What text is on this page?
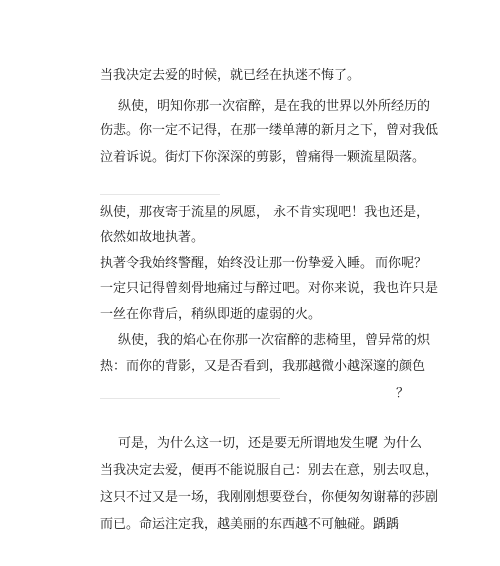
当我决定去爱的时候，就已经在执迷不悔了。
纵使，明知你那一次宿醉，是在我的世界以外所经历的
伤悲。你一定不记得，在那一缕单薄的新月之下，曾对我低
泣着诉说。街灯下你深深的剪影，曾痛得一颗流星陨落。
纵使，那夜寄于流星的夙愿， 永不肯实现吧！我也还是，
依然如故地执著。
执著令我始终警醒，始终没让那一份挚爱入睡。 而你呢？
一定只记得曾刻骨地痛过与醉过吧。对你来说，我也许只是
一丝在你背后，稍纵即逝的虚弱的火。
纵使，我的焰心在你那一次宿醉的悲椅里，曾异常的炽
热：而你的背影，又是否看到，我那越微小越深邃的颜色
？
可是，为什么这一切，还是要无所谓地发生呢
？为什么
当我决定去爱，便再不能说服自己：别去在意，别去叹息，
这只不过又是一场，我刚刚想要登台，你便匆匆谢幕的莎剧
而已。命运注定我，越美丽的东西越不可触碰。踽踽
